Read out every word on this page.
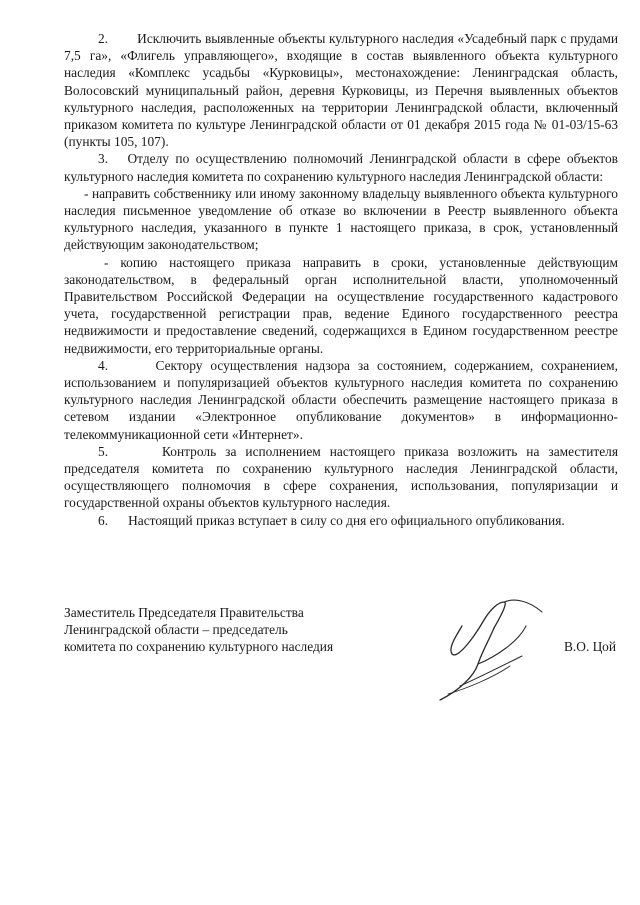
2.        Исключить выявленные объекты культурного наследия «Усадебный парк с прудами 7,5 га», «Флигель управляющего», входящие в состав выявленного объекта культурного наследия «Комплекс усадьбы «Курковицы», местонахождение: Ленинградская область, Волосовский муниципальный район, деревня Курковицы, из Перечня выявленных объектов культурного наследия, расположенных на территории Ленинградской области, включенный приказом комитета по культуре Ленинградской области от 01 декабря 2015 года № 01-03/15-63 (пункты 105, 107).

3.   Отделу по осуществлению полномочий Ленинградской области в сфере объектов культурного наследия комитета по сохранению культурного наследия Ленинградской области:

- направить собственнику или иному законному владельцу выявленного объекта культурного наследия письменное уведомление об отказе во включении в Реестр выявленного объекта культурного наследия, указанного в пункте 1 настоящего приказа, в срок, установленный действующим законодательством;

- копию настоящего приказа направить в сроки, установленные действующим законодательством, в федеральный орган исполнительной власти, уполномоченный Правительством Российской Федерации на осуществление государственного кадастрового учета, государственной регистрации прав, ведение Единого государственного реестра недвижимости и предоставление сведений, содержащихся в Едином государственном реестре недвижимости, его территориальные органы.

4.      Сектору осуществления надзора за состоянием, содержанием, сохранением, использованием и популяризацией объектов культурного наследия комитета по сохранению культурного наследия Ленинградской области обеспечить размещение настоящего приказа в сетевом издании «Электронное опубликование документов» в информационно-телекоммуникационной сети «Интернет».

5.      Контроль за исполнением настоящего приказа возложить на заместителя председателя комитета по сохранению культурного наследия Ленинградской области, осуществляющего полномочия в сфере сохранения, использования, популяризации и государственной охраны объектов культурного наследия.

6.      Настоящий приказ вступает в силу со дня его официального опубликования.

Заместитель Председателя Правительства
Ленинградской области – председатель
комитета по сохранению культурного наследия	В.О. Цой
